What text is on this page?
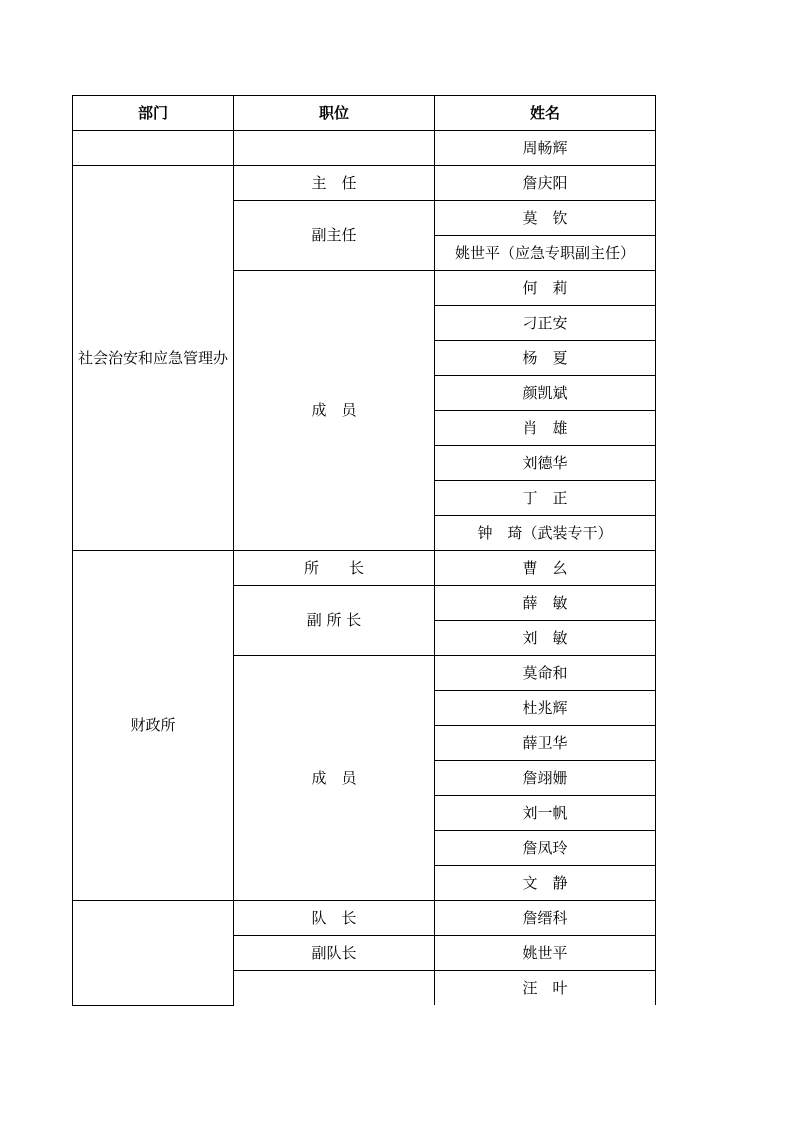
部门	职位	姓名
		周畅辉
社会治安和应急管理办	主　任	詹庆阳
	副主任	莫　钦
		姚世平（应急专职副主任）
	成　员	何　莉
		刁正安
		杨　夏
		颜凯斌
		肖　雄
		刘德华
		丁　正
		钟　琦（武装专干）
财政所	所　　长	曹　幺
	副 所 长	薛　敏
		刘　敏
	成　员	莫命和
		杜兆辉
		薛卫华
		詹翊姗
		刘一帆
		詹凤玲
		文　静
	队　长	詹缙科
	副队长	姚世平
		汪　叶
